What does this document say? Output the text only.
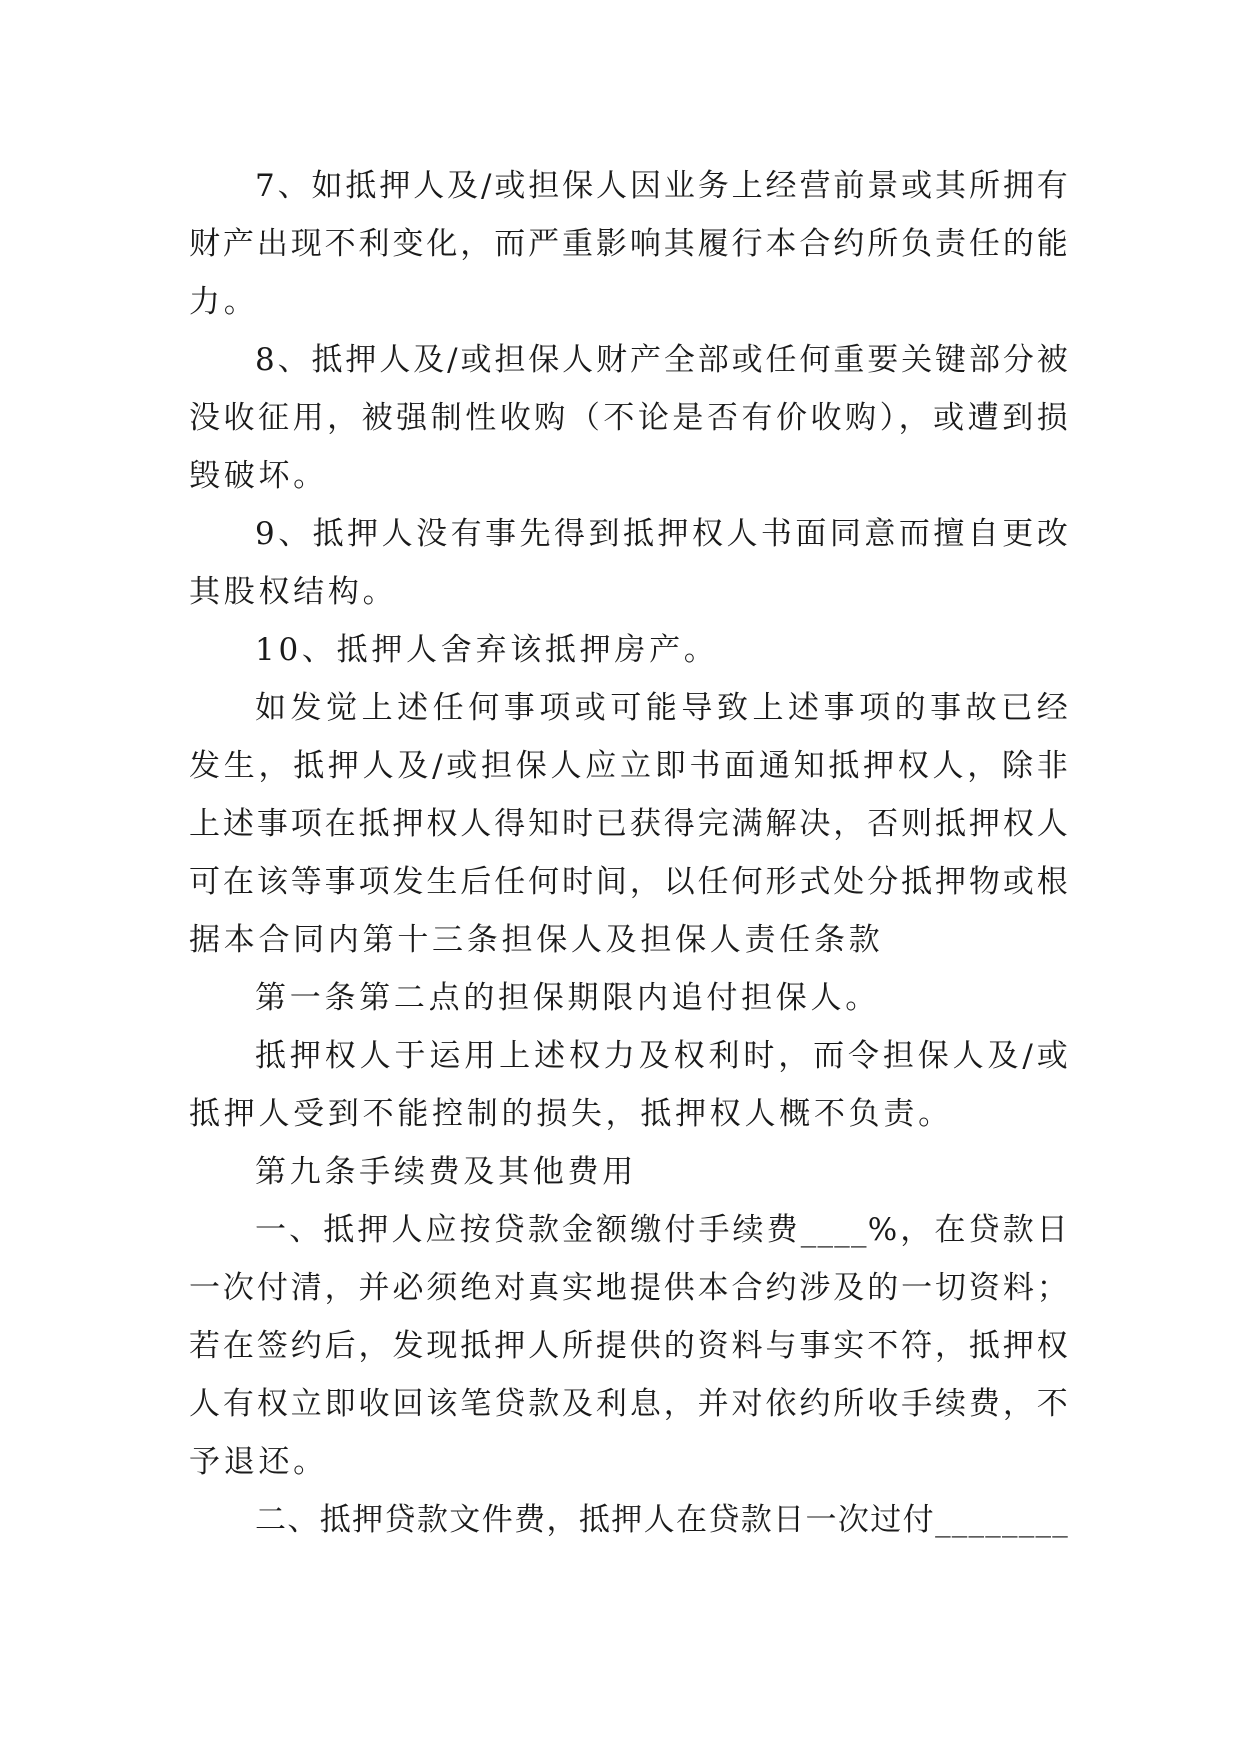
7、如抵押人及/或担保人因业务上经营前景或其所拥有
财产出现不利变化，而严重影响其履行本合约所负责任的能
力。
8、抵押人及/或担保人财产全部或任何重要关键部分被
没收征用，被强制性收购（不论是否有价收购），或遭到损
毁破坏。
9、抵押人没有事先得到抵押权人书面同意而擅自更改
其股权结构。
10、抵押人舍弃该抵押房产。
如发觉上述任何事项或可能导致上述事项的事故已经
发生，抵押人及/或担保人应立即书面通知抵押权人，除非
上述事项在抵押权人得知时已获得完满解决，否则抵押权人
可在该等事项发生后任何时间，以任何形式处分抵押物或根
据本合同内第十三条担保人及担保人责任条款
第一条第二点的担保期限内追付担保人。
抵押权人于运用上述权力及权利时，而令担保人及/或
抵押人受到不能控制的损失，抵押权人概不负责。
第九条手续费及其他费用
一、抵押人应按贷款金额缴付手续费____%，在贷款日
一次付清，并必须绝对真实地提供本合约涉及的一切资料；
若在签约后，发现抵押人所提供的资料与事实不符，抵押权
人有权立即收回该笔贷款及利息，并对依约所收手续费，不
予退还。
二、抵押贷款文件费，抵押人在贷款日一次过付________
